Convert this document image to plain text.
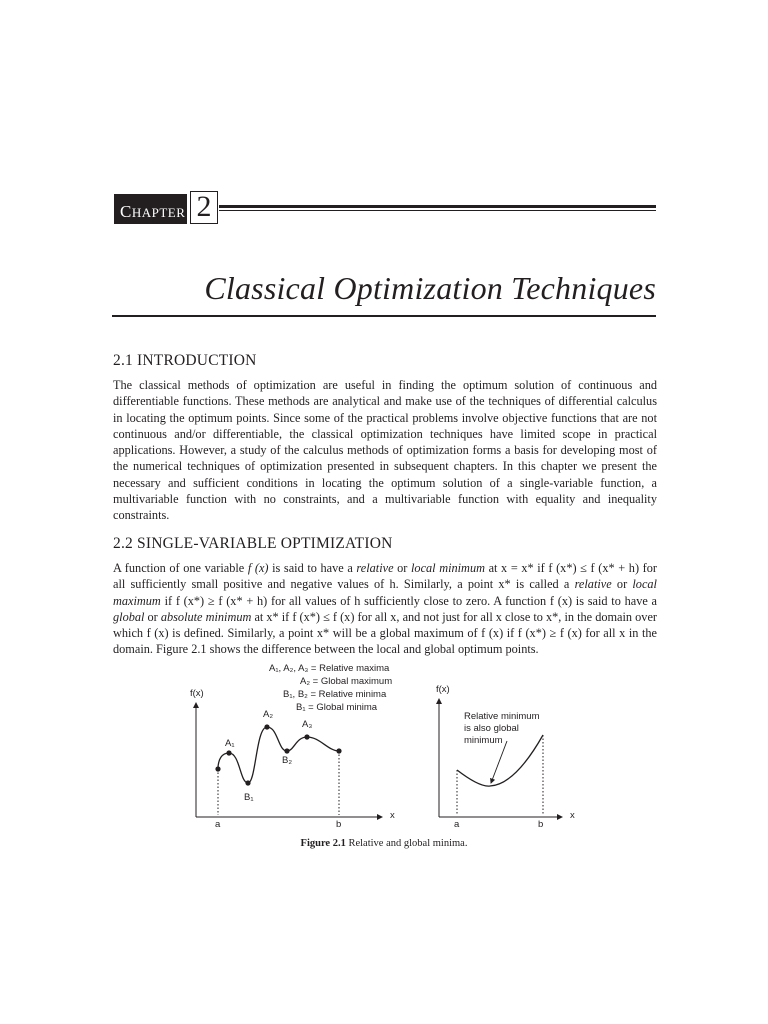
CHAPTER 2
Classical Optimization Techniques
2.1 INTRODUCTION

The classical methods of optimization are useful in finding the optimum solution of continuous and differentiable functions. These methods are analytical and make use of the techniques of differential calculus in locating the optimum points. Since some of the practical problems involve objective functions that are not continuous and/or differentiable, the classical optimization techniques have limited scope in practical applications. However, a study of the calculus methods of optimization forms a basis for developing most of the numerical techniques of optimization presented in subsequent chapters. In this chapter we present the necessary and sufficient conditions in locating the optimum solution of a single-variable function, a multivariable function with no constraints, and a multivariable function with equality and inequality constraints.

2.2 SINGLE-VARIABLE OPTIMIZATION

A function of one variable f (x) is said to have a relative or local minimum at x = x* if f (x*) ≤ f (x* + h) for all sufficiently small positive and negative values of h. Similarly, a point x* is called a relative or local maximum if f (x*) ≥ f (x* + h) for all values of h sufficiently close to zero. A function f (x) is said to have a global or absolute minimum at x* if f (x*) ≤ f (x) for all x, and not just for all x close to x*, in the domain over which f (x) is defined. Similarly, a point x* will be a global maximum of f (x) if f (x*) ≥ f (x) for all x in the domain. Figure 2.1 shows the difference between the local and global optimum points.

f(x)
x
a	b
A₁
B₁
A₂
B₂
A₃
A₁, A₂, A₃ = Relative maxima
A₂ = Global maximum
B₁, B₂ = Relative minima
B₁ = Global minima
f(x)
x
a	b
Relative minimum
is also global
minimum
Figure 2.1 Relative and global minima.
